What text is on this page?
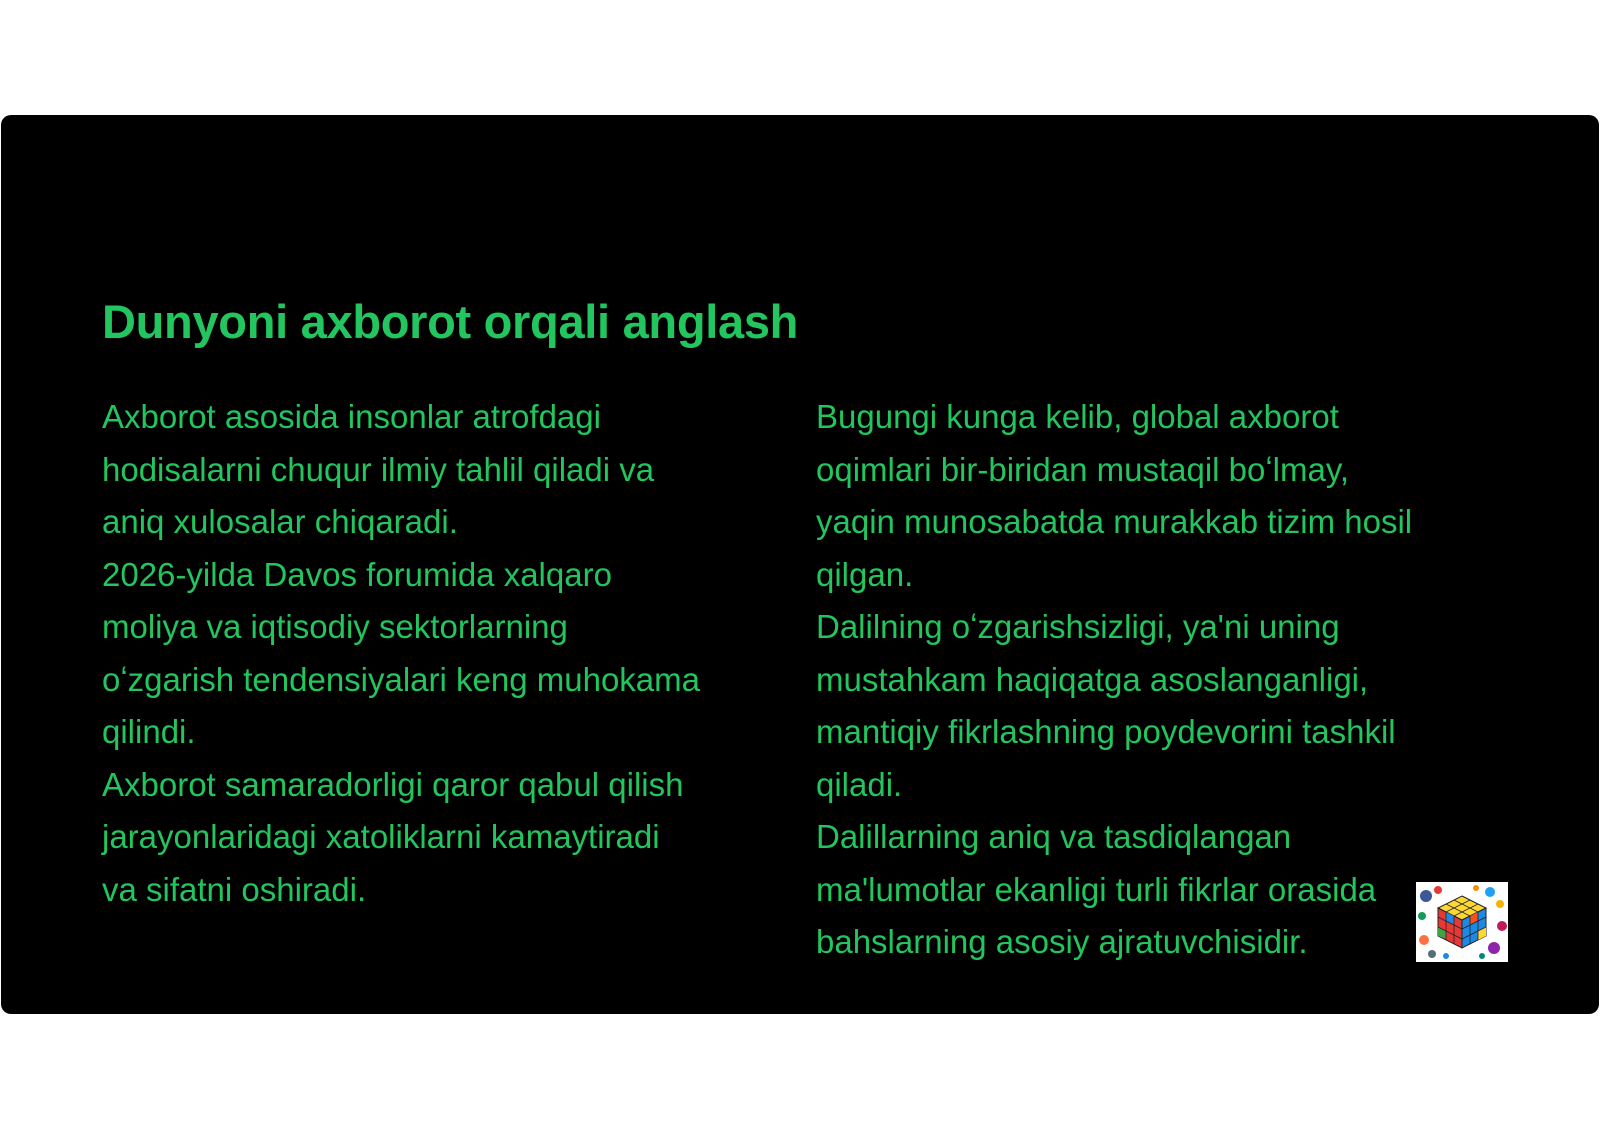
Dunyoni axborot orqali anglash

Axborot asosida insonlar atrofdagi
hodisalarni chuqur ilmiy tahlil qiladi va
aniq xulosalar chiqaradi.

2026-yilda Davos forumida xalqaro
moliya va iqtisodiy sektorlarning
oʻzgarish tendensiyalari keng muhokama
qilindi.

Axborot samaradorligi qaror qabul qilish
jarayonlaridagi xatoliklarni kamaytiradi
va sifatni oshiradi.

Bugungi kunga kelib, global axborot
oqimlari bir-biridan mustaqil boʻlmay,
yaqin munosabatda murakkab tizim hosil
qilgan.

Dalilning oʻzgarishsizligi, ya'ni uning
mustahkam haqiqatga asoslanganligi,
mantiqiy fikrlashning poydevorini tashkil
qiladi.

Dalillarning aniq va tasdiqlangan
ma'lumotlar ekanligi turli fikrlar orasida
bahslarning asosiy ajratuvchisidir.
